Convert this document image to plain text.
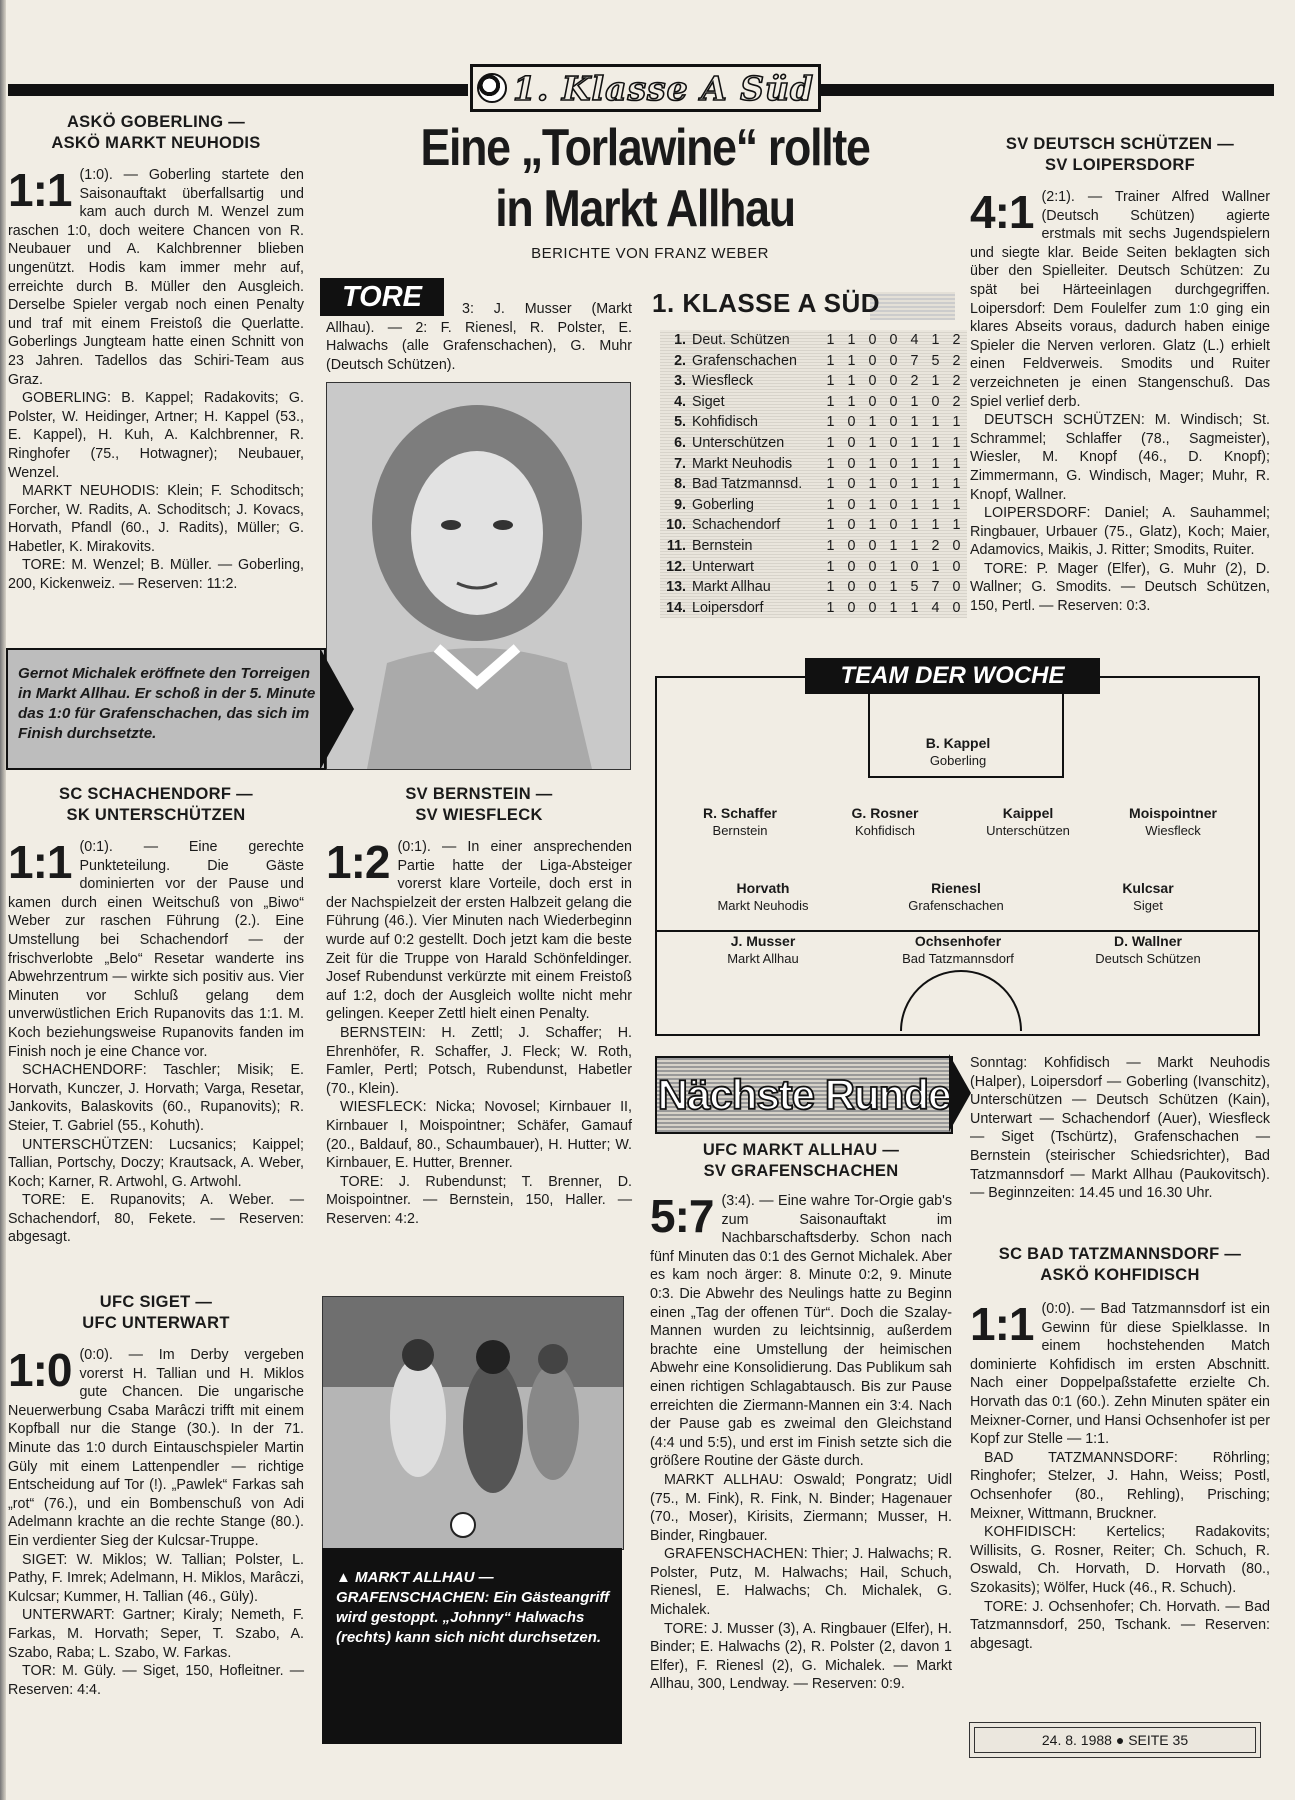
1. Klasse A Süd
Eine „Torlawine“ rollte
in Markt Allhau
BERICHTE VON FRANZ WEBER
ASKÖ GOBERLING —
ASKÖ MARKT NEUHODIS
1:1 (1:0). — Goberling startete den Saisonauftakt überfallsartig und kam auch durch M. Wenzel zum raschen 1:0, doch weitere Chancen von R. Neubauer und A. Kalchbrenner blieben ungenützt. Hodis kam immer mehr auf, erreichte durch B. Müller den Ausgleich. Derselbe Spieler vergab noch einen Penalty und traf mit einem Freistoß die Querlatte. Goberlings Jungteam hatte einen Schnitt von 23 Jahren. Tadellos das Schiri-Team aus Graz.

GOBERLING: B. Kappel; Radakovits; G. Polster, W. Heidinger, Artner; H. Kappel (53., E. Kappel), H. Kuh, A. Kalchbrenner, R. Ringhofer (75., Hotwagner); Neubauer, Wenzel.

MARKT NEUHODIS: Klein; F. Schoditsch; Forcher, W. Radits, A. Schoditsch; J. Kovacs, Horvath, Pfandl (60., J. Radits), Müller; G. Habetler, K. Mirakovits.

TORE: M. Wenzel; B. Müller. — Goberling, 200, Kickenweiz. — Reserven: 11:2.

TORE	3: J. Musser (Markt Allhau). — 2: F. Rienesl, R. Polster, E. Halwachs (alle Grafenschachen), G. Muhr (Deutsch Schützen).

Gernot Michalek eröffnete den Torreigen in Markt Allhau. Er schoß in der 5. Minute das 1:0 für Grafenschachen, das sich im Finish durchsetzte.
SC SCHACHENDORF —
SK UNTERSCHÜTZEN
1:1 (0:1). — Eine gerechte Punkteteilung. Die Gäste dominierten vor der Pause und kamen durch einen Weitschuß von „Biwo“ Weber zur raschen Führung (2.). Eine Umstellung bei Schachendorf — der frischverlobte „Belo“ Resetar wanderte ins Abwehrzentrum — wirkte sich positiv aus. Vier Minuten vor Schluß gelang dem unverwüstlichen Erich Rupanovits das 1:1. M. Koch beziehungsweise Rupanovits fanden im Finish noch je eine Chance vor.

SCHACHENDORF: Taschler; Misik; E. Horvath, Kunczer, J. Horvath; Varga, Resetar, Jankovits, Balaskovits (60., Rupanovits); R. Steier, T. Gabriel (55., Kohuth).

UNTERSCHÜTZEN: Lucsanics; Kaippel; Tallian, Portschy, Doczy; Krautsack, A. Weber, Koch; Karner, R. Artwohl, G. Artwohl.

TORE: E. Rupanovits; A. Weber. — Schachendorf, 80, Fekete. — Reserven: abgesagt.

UFC SIGET —
UFC UNTERWART
1:0 (0:0). — Im Derby vergeben vorerst H. Tallian und H. Miklos gute Chancen. Die ungarische Neuerwerbung Csaba Marâczi trifft mit einem Kopfball nur die Stange (30.). In der 71. Minute das 1:0 durch Eintauschspieler Martin Güly mit einem Lattenpendler — richtige Entscheidung auf Tor (!). „Pawlek“ Farkas sah „rot“ (76.), und ein Bombenschuß von Adi Adelmann krachte an die rechte Stange (80.). Ein verdienter Sieg der Kulcsar-Truppe.

SIGET: W. Miklos; W. Tallian; Polster, L. Pathy, F. Imrek; Adelmann, H. Miklos, Marâczi, Kulcsar; Kummer, H. Tallian (46., Güly).

UNTERWART: Gartner; Kiraly; Nemeth, F. Farkas, M. Horvath; Seper, T. Szabo, A. Szabo, Raba; L. Szabo, W. Farkas.

TOR: M. Güly. — Siget, 150, Hofleitner. — Reserven: 4:4.

SV BERNSTEIN —
SV WIESFLECK
1:2 (0:1). — In einer ansprechenden Partie hatte der Liga-Absteiger vorerst klare Vorteile, doch erst in der Nachspielzeit der ersten Halbzeit gelang die Führung (46.). Vier Minuten nach Wiederbeginn wurde auf 0:2 gestellt. Doch jetzt kam die beste Zeit für die Truppe von Harald Schönfeldinger. Josef Rubendunst verkürzte mit einem Freistoß auf 1:2, doch der Ausgleich wollte nicht mehr gelingen. Keeper Zettl hielt einen Penalty.

BERNSTEIN: H. Zettl; J. Schaffer; H. Ehrenhöfer, R. Schaffer, J. Fleck; W. Roth, Famler, Pertl; Potsch, Rubendunst, Habetler (70., Klein).

WIESFLECK: Nicka; Novosel; Kirnbauer II, Kirnbauer I, Moispointner; Schäfer, Gamauf (20., Baldauf, 80., Schaumbauer), H. Hutter; W. Kirnbauer, E. Hutter, Brenner.

TORE: J. Rubendunst; T. Brenner, D. Moispointner. — Bernstein, 150, Haller. — Reserven: 4:2.

▲ MARKT ALLHAU — GRAFENSCHACHEN: Ein Gästeangriff wird gestoppt. „Johnny“ Halwachs (rechts) kann sich nicht durchsetzen.
1. KLASSE A SÜD
1.	Deut. Schützen	1	1	0	0	4	1	2
2.	Grafenschachen	1	1	0	0	7	5	2
3.	Wiesfleck	1	1	0	0	2	1	2
4.	Siget	1	1	0	0	1	0	2
5.	Kohfidisch	1	0	1	0	1	1	1
6.	Unterschützen	1	0	1	0	1	1	1
7.	Markt Neuhodis	1	0	1	0	1	1	1
8.	Bad Tatzmannsd.	1	0	1	0	1	1	1
9.	Goberling	1	0	1	0	1	1	1
10.	Schachendorf	1	0	1	0	1	1	1
11.	Bernstein	1	0	0	1	1	2	0
12.	Unterwart	1	0	0	1	0	1	0
13.	Markt Allhau	1	0	0	1	5	7	0
14.	Loipersdorf	1	0	0	1	1	4	0
TEAM DER WOCHE
B. Kappel
Goberling
R. Schaffer
Bernstein
G. Rosner
Kohfidisch
Kaippel
Unterschützen
Moispointner
Wiesfleck
Horvath
Markt Neuhodis
Rienesl
Grafenschachen
Kulcsar
Siget
J. Musser
Markt Allhau
Ochsenhofer
Bad Tatzmannsdorf
D. Wallner
Deutsch Schützen
SV DEUTSCH SCHÜTZEN —
SV LOIPERSDORF
4:1 (2:1). — Trainer Alfred Wallner (Deutsch Schützen) agierte erstmals mit sechs Jugendspielern und siegte klar. Beide Seiten beklagten sich über den Spielleiter. Deutsch Schützen: Zu spät bei Härteeinlagen durchgegriffen. Loipersdorf: Dem Foulelfer zum 1:0 ging ein klares Abseits voraus, dadurch haben einige Spieler die Nerven verloren. Glatz (L.) erhielt einen Feldverweis. Smodits und Ruiter verzeichneten je einen Stangenschuß. Das Spiel verlief derb.

DEUTSCH SCHÜTZEN: M. Windisch; St. Schrammel; Schlaffer (78., Sagmeister), Wiesler, M. Knopf (46., D. Knopf); Zimmermann, G. Windisch, Mager; Muhr, R. Knopf, Wallner.

LOIPERSDORF: Daniel; A. Sauhammel; Ringbauer, Urbauer (75., Glatz), Koch; Maier, Adamovics, Maikis, J. Ritter; Smodits, Ruiter.

TORE: P. Mager (Elfer), G. Muhr (2), D. Wallner; G. Smodits. — Deutsch Schützen, 150, Pertl. — Reserven: 0:3.

Nächste Runde

Sonntag: Kohfidisch — Markt Neuhodis (Halper), Loipersdorf — Goberling (Ivanschitz), Unterschützen — Deutsch Schützen (Kain), Unterwart — Schachendorf (Auer), Wiesfleck — Siget (Tschürtz), Grafenschachen — Bernstein (steirischer Schiedsrichter), Bad Tatzmannsdorf — Markt Allhau (Paukovitsch). — Beginnzeiten: 14.45 und 16.30 Uhr.

UFC MARKT ALLHAU —
SV GRAFENSCHACHEN
5:7 (3:4). — Eine wahre Tor-Orgie gab's zum Saisonauftakt im Nachbarschaftsderby. Schon nach fünf Minuten das 0:1 des Gernot Michalek. Aber es kam noch ärger: 8. Minute 0:2, 9. Minute 0:3. Die Abwehr des Neulings hatte zu Beginn einen „Tag der offenen Tür“. Doch die Szalay-Mannen wurden zu leichtsinnig, außerdem brachte eine Umstellung der heimischen Abwehr eine Konsolidierung. Das Publikum sah einen richtigen Schlagabtausch. Bis zur Pause erreichten die Ziermann-Mannen ein 3:4. Nach der Pause gab es zweimal den Gleichstand (4:4 und 5:5), und erst im Finish setzte sich die größere Routine der Gäste durch.

MARKT ALLHAU: Oswald; Pongratz; Uidl (75., M. Fink), R. Fink, N. Binder; Hagenauer (70., Moser), Kirisits, Ziermann; Musser, H. Binder, Ringbauer.

GRAFENSCHACHEN: Thier; J. Halwachs; R. Polster, Putz, M. Halwachs; Hail, Schuch, Rienesl, E. Halwachs; Ch. Michalek, G. Michalek.

TORE: J. Musser (3), A. Ringbauer (Elfer), H. Binder; E. Halwachs (2), R. Polster (2, davon 1 Elfer), F. Rienesl (2), G. Michalek. — Markt Allhau, 300, Lendway. — Reserven: 0:9.

SC BAD TATZMANNSDORF —
ASKÖ KOHFIDISCH
1:1 (0:0). — Bad Tatzmannsdorf ist ein Gewinn für diese Spielklasse. In einem hochstehenden Match dominierte Kohfidisch im ersten Abschnitt. Nach einer Doppelpaßstafette erzielte Ch. Horvath das 0:1 (60.). Zehn Minuten später ein Meixner-Corner, und Hansi Ochsenhofer ist per Kopf zur Stelle — 1:1.

BAD TATZMANNSDORF: Röhrling; Ringhofer; Stelzer, J. Hahn, Weiss; Postl, Ochsenhofer (80., Rehling), Prisching; Meixner, Wittmann, Bruckner.

KOHFIDISCH: Kertelics; Radakovits; Willisits, G. Rosner, Reiter; Ch. Schuch, R. Oswald, Ch. Horvath, D. Horvath (80., Szokasits); Wölfer, Huck (46., R. Schuch).

TORE: J. Ochsenhofer; Ch. Horvath. — Bad Tatzmannsdorf, 250, Tschank. — Reserven: abgesagt.

24. 8. 1988 ● SEITE 35
